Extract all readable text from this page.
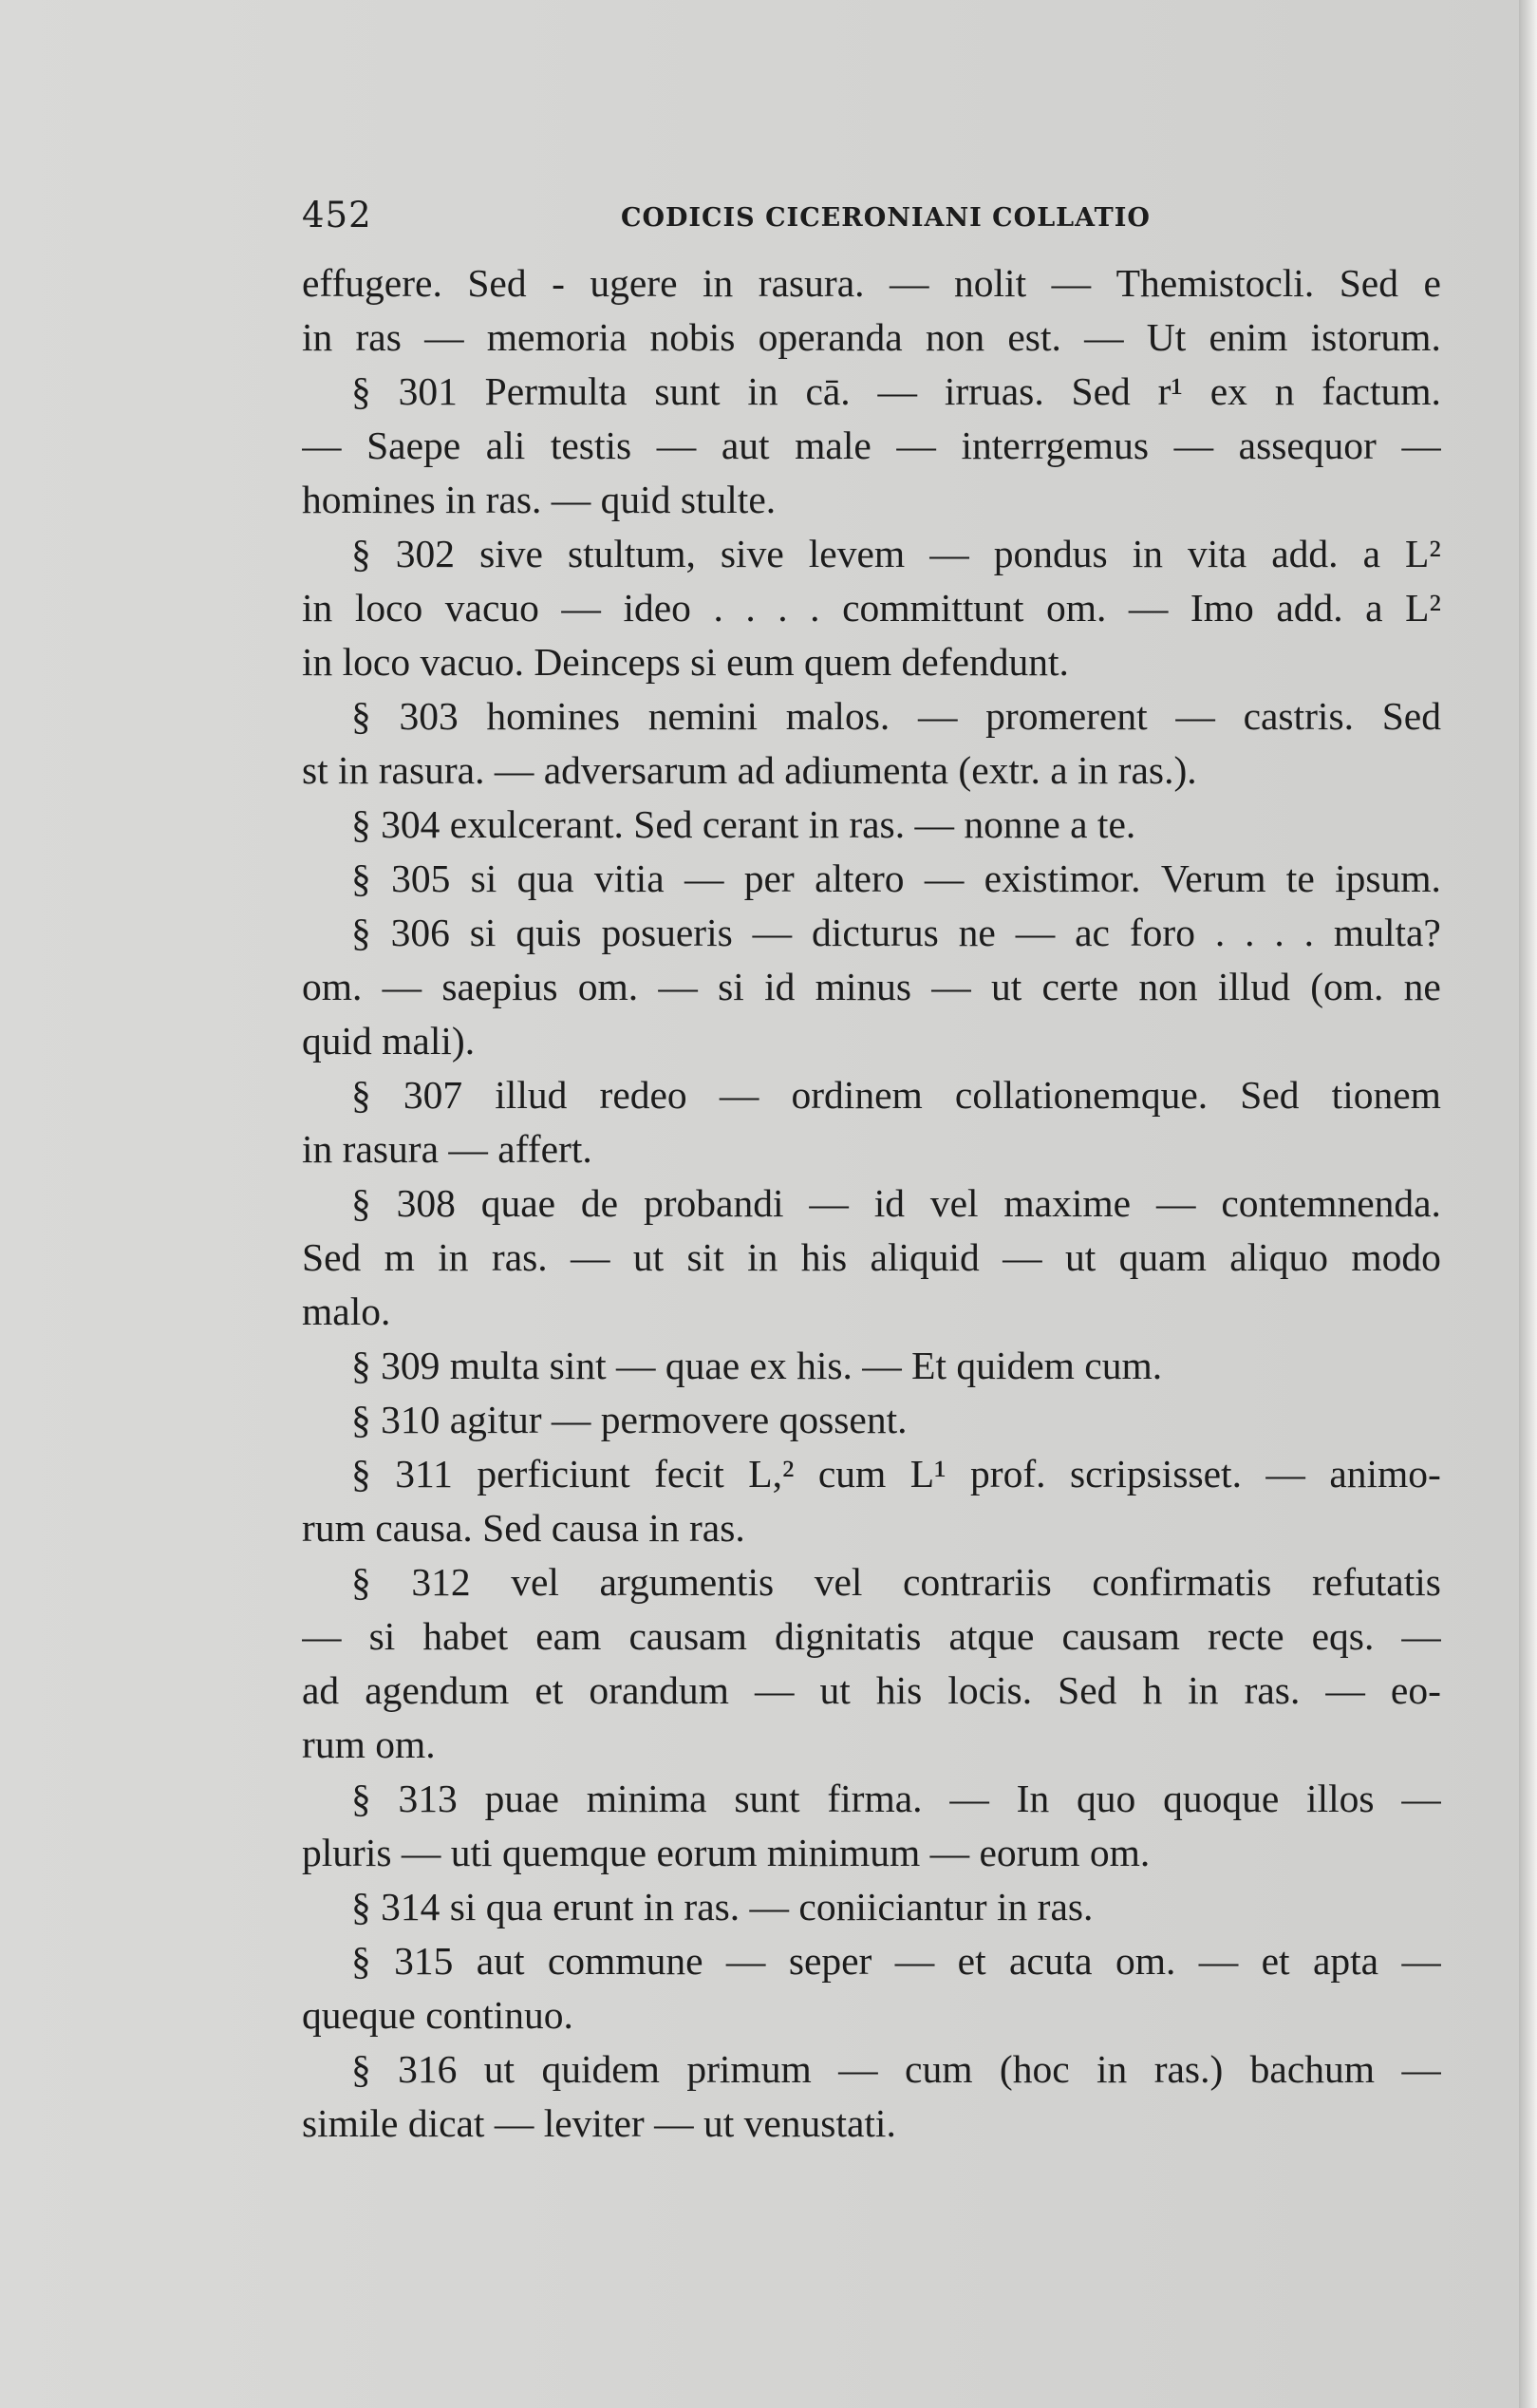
452	CODICIS CICERONIANI COLLATIO
effugere. Sed - ugere in rasura. — nolit — Themistocli. Sed e
in ras — memoria nobis operanda non est. — Ut enim istorum.
§ 301 Permulta sunt in cā. — irruas. Sed r¹ ex n factum.
— Saepe ali testis — aut male — interrgemus — assequor —
homines in ras. — quid stulte.
§ 302 sive stultum, sive levem — pondus in vita add. a L²
in loco vacuo — ideo . . . . committunt om. — Imo add. a L²
in loco vacuo. Deinceps si eum quem defendunt.
§ 303 homines nemini malos. — promerent — castris. Sed
st in rasura. — adversarum ad adiumenta (extr. a in ras.).
§ 304 exulcerant. Sed cerant in ras. — nonne a te.
§ 305 si qua vitia — per altero — existimor. Verum te ipsum.
§ 306 si quis posueris — dicturus ne — ac foro . . . . multa?
om. — saepius om. — si id minus — ut certe non illud (om. ne
quid mali).
§ 307 illud redeo — ordinem collationemque. Sed tionem
in rasura — affert.
§ 308 quae de probandi — id vel maxime — contemnenda.
Sed m in ras. — ut sit in his aliquid — ut quam aliquo modo
malo.
§ 309 multa sint — quae ex his. — Et quidem cum.
§ 310 agitur — permovere qossent.
§ 311 perficiunt fecit L,² cum L¹ prof. scripsisset. — animo-
rum causa. Sed causa in ras.
§ 312 vel argumentis vel contrariis confirmatis refutatis
— si habet eam causam dignitatis atque causam recte eqs. —
ad agendum et orandum — ut his locis. Sed h in ras. — eo-
rum om.
§ 313 puae minima sunt firma. — In quo quoque illos —
pluris — uti quemque eorum minimum — eorum om.
§ 314 si qua erunt in ras. — coniiciantur in ras.
§ 315 aut commune — seper — et acuta om. — et apta —
queque continuo.
§ 316 ut quidem primum — cum (hoc in ras.) bachum —
simile dicat — leviter — ut venustati.
